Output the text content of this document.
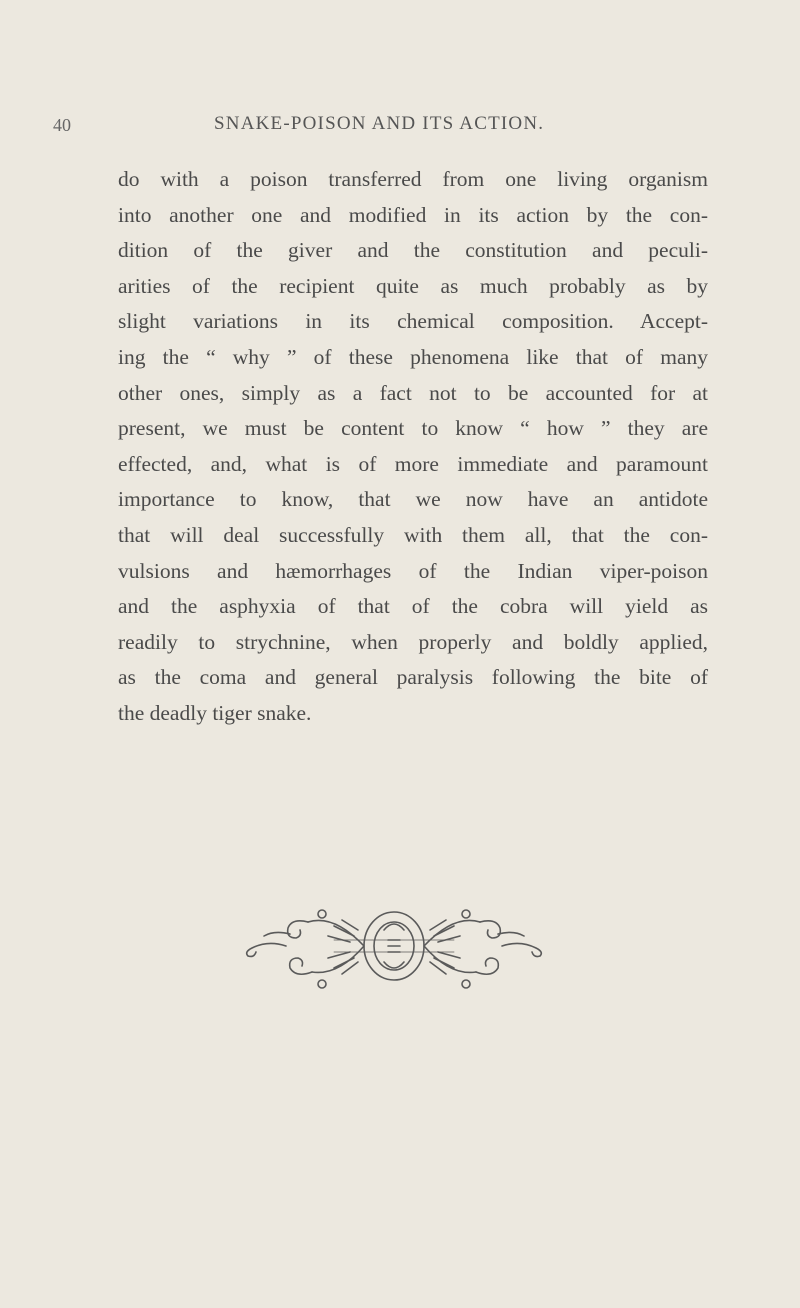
40	SNAKE-POISON AND ITS ACTION.

do with a poison transferred from one living organism
into another one and modified in its action by the con-
dition of the giver and the constitution and peculi-
arities of the recipient quite as much probably as by
slight variations in its chemical composition. Accept-
ing the “ why ” of these phenomena like that of many
other ones, simply as a fact not to be accounted for at
present, we must be content to know “ how ” they are
effected, and, what is of more immediate and paramount
importance to know, that we now have an antidote
that will deal successfully with them all, that the con-
vulsions and hæmorrhages of the Indian viper-poison
and the asphyxia of that of the cobra will yield as
readily to strychnine, when properly and boldly applied,
as the coma and general paralysis following the bite of
the deadly tiger snake.
